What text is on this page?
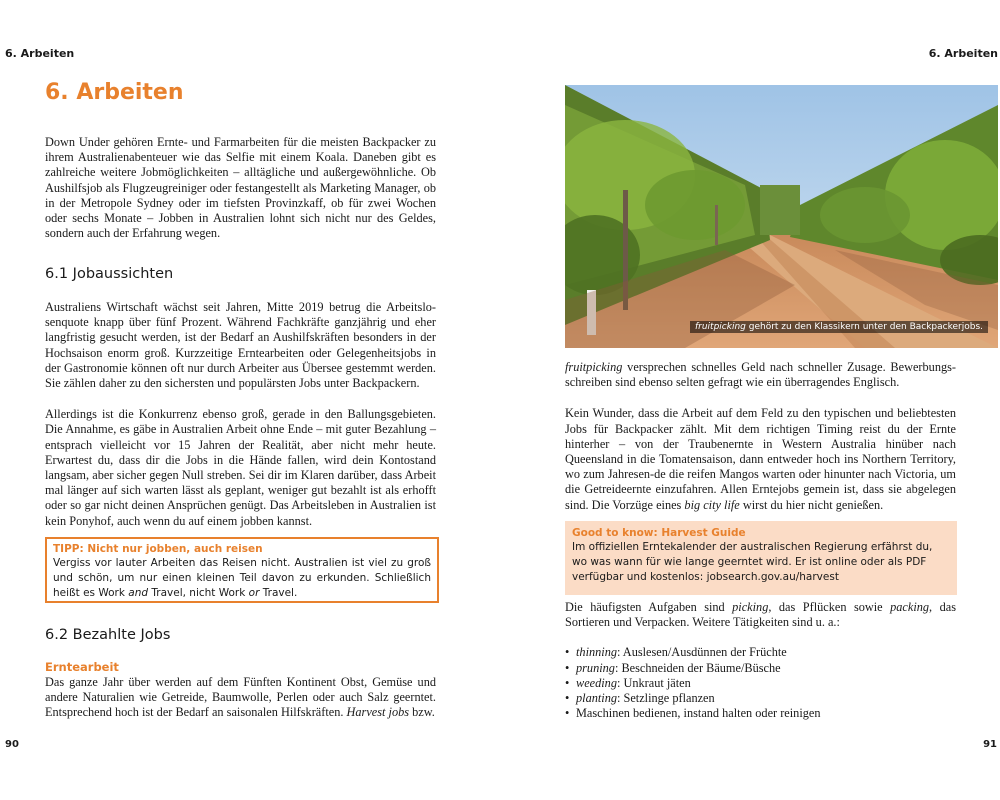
6. Arbeiten	6. Arbeiten
6. Arbeiten

Down Under gehören Ernte- und Farmarbeiten für die meisten Backpacker zu ihrem Australienabenteuer wie das Selfie mit einem Koala. Daneben gibt es zahlreiche weitere Jobmöglichkeiten – alltägliche und außergewöhnliche. Ob Aushilfsjob als Flugzeugreiniger oder festangestellt als Marketing Manager, ob in der Metropole Sydney oder im tiefsten Provinzkaff, ob für zwei Wochen oder sechs Monate – Jobben in Australien lohnt sich nicht nur des Geldes, sondern auch der Erfahrung wegen.

6.1 Jobaussichten

Australiens Wirtschaft wächst seit Jahren, Mitte 2019 betrug die Arbeitslo-senquote knapp über fünf Prozent. Während Fachkräfte ganzjährig und eher langfristig gesucht werden, ist der Bedarf an Aushilfskräften besonders in der Hochsaison enorm groß. Kurzzeitige Erntearbeiten oder Gelegenheitsjobs in der Gastronomie können oft nur durch Arbeiter aus Übersee gestemmt werden. Sie zählen daher zu den sichersten und populärsten Jobs unter Backpackern.

Allerdings ist die Konkurrenz ebenso groß, gerade in den Ballungsgebieten. Die Annahme, es gäbe in Australien Arbeit ohne Ende – mit guter Bezahlung – entsprach vielleicht vor 15 Jahren der Realität, aber nicht mehr heute. Erwartest du, dass dir die Jobs in die Hände fallen, wird dein Kontostand langsam, aber sicher gegen Null streben. Sei dir im Klaren darüber, dass Arbeit mal länger auf sich warten lässt als geplant, weniger gut bezahlt ist als erhofft oder so gar nicht deinen Ansprüchen genügt. Das Arbeitsleben in Australien ist kein Ponyhof, auch wenn du auf einem jobben kannst.

TIPP: Nicht nur jobben, auch reisen
Vergiss vor lauter Arbeiten das Reisen nicht. Australien ist viel zu groß und schön, um nur einen kleinen Teil davon zu erkunden. Schließlich heißt es Work and Travel, nicht Work or Travel.
6.2 Bezahlte Jobs
Erntearbeit

Das ganze Jahr über werden auf dem Fünften Kontinent Obst, Gemüse und andere Naturalien wie Getreide, Baumwolle, Perlen oder auch Salz geerntet. Entsprechend hoch ist der Bedarf an saisonalen Hilfskräften. Harvest jobs bzw.

90
fruitpicking gehört zu den Klassikern unter den Backpackerjobs.

fruitpicking versprechen schnelles Geld nach schneller Zusage. Bewerbungs-schreiben sind ebenso selten gefragt wie ein überragendes Englisch.

Kein Wunder, dass die Arbeit auf dem Feld zu den typischen und beliebtesten Jobs für Backpacker zählt. Mit dem richtigen Timing reist du der Ernte hinterher – von der Traubenernte in Western Australia hinüber nach Queensland in die Tomatensaison, dann entweder hoch ins Northern Territory, wo zum Jahresen-de die reifen Mangos warten oder hinunter nach Victoria, um die Getreideernte einzufahren. Allen Erntejobs gemein ist, dass sie abgelegen sind. Die Vorzüge eines big city life wirst du hier nicht genießen.

Good to know: Harvest Guide
Im offiziellen Erntekalender der australischen Regierung erfährst du, wo was wann für wie lange geerntet wird. Er ist online oder als PDF verfügbar und kostenlos: jobsearch.gov.au/harvest

Die häufigsten Aufgaben sind picking, das Pflücken sowie packing, das Sortieren und Verpacken. Weitere Tätigkeiten sind u. a.:

• thinning: Auslesen/Ausdünnen der Früchte
• pruning: Beschneiden der Bäume/Büsche
• weeding: Unkraut jäten
• planting: Setzlinge pflanzen
• Maschinen bedienen, instand halten oder reinigen
91
